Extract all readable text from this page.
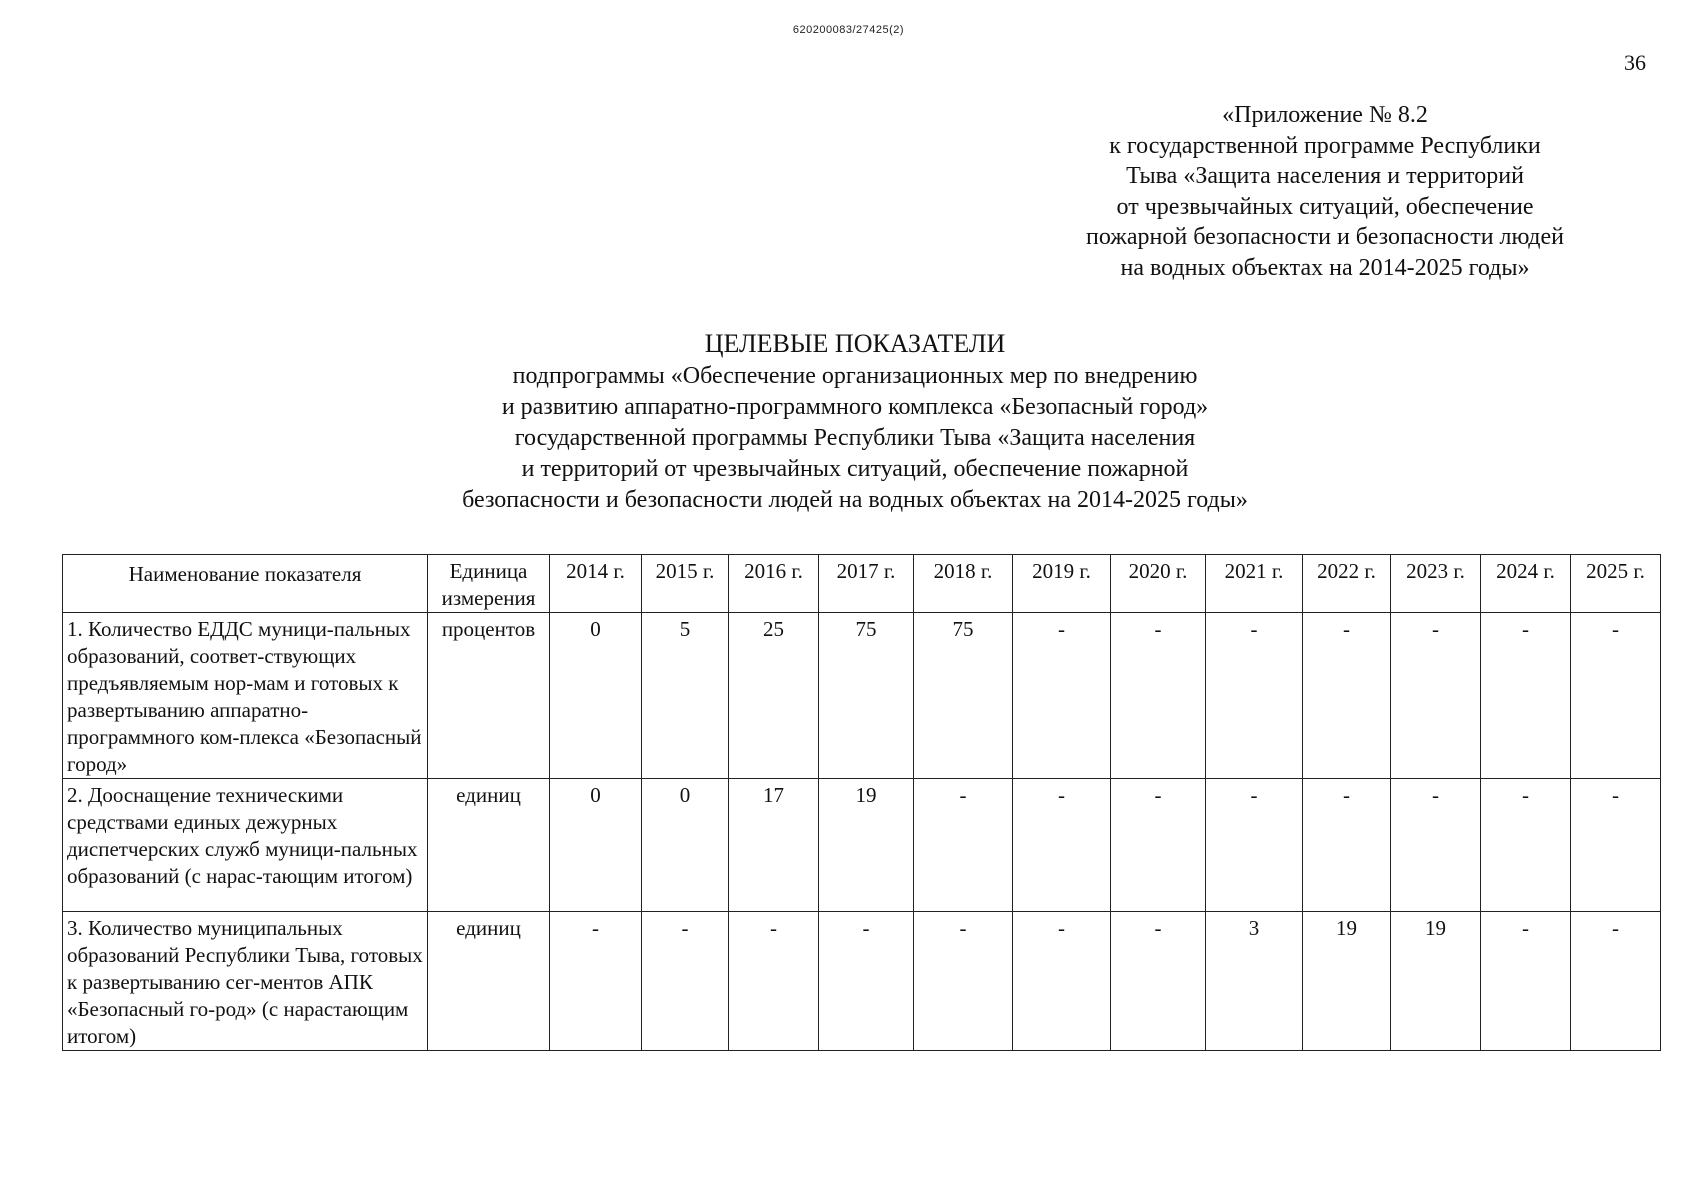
620200083/27425(2)
36
«Приложение № 8.2
к государственной программе Республики
Тыва «Защита населения и территорий
от чрезвычайных ситуаций, обеспечение
пожарной безопасности и безопасности людей
на водных объектах на 2014-2025 годы»
ЦЕЛЕВЫЕ ПОКАЗАТЕЛИ
подпрограммы «Обеспечение организационных мер по внедрению
и развитию аппаратно-программного комплекса «Безопасный город»
государственной программы Республики Тыва «Защита населения
и территорий от чрезвычайных ситуаций, обеспечение пожарной
безопасности и безопасности людей на водных объектах на 2014-2025 годы»
Наименование показателя	Единица измерения	2014 г.	2015 г.	2016 г.	2017 г.	2018 г.	2019 г.	2020 г.	2021 г.	2022 г.	2023 г.	2024 г.	2025 г.
1. Количество ЕДДС муници-пальных образований, соответ-ствующих предъявляемым нор-мам и готовых к развертыванию аппаратно-программного ком-плекса «Безопасный город»	процентов	0	5	25	75	75	-	-	-	-	-	-	-
2. Дооснащение техническими средствами единых дежурных диспетчерских служб муници-пальных образований (с нарас-тающим итогом)	единиц	0	0	17	19	-	-	-	-	-	-	-	-
3. Количество муниципальных образований Республики Тыва, готовых к развертыванию сег-ментов АПК «Безопасный го-род» (с нарастающим итогом)	единиц	-	-	-	-	-	-	-	3	19	19	-	-
